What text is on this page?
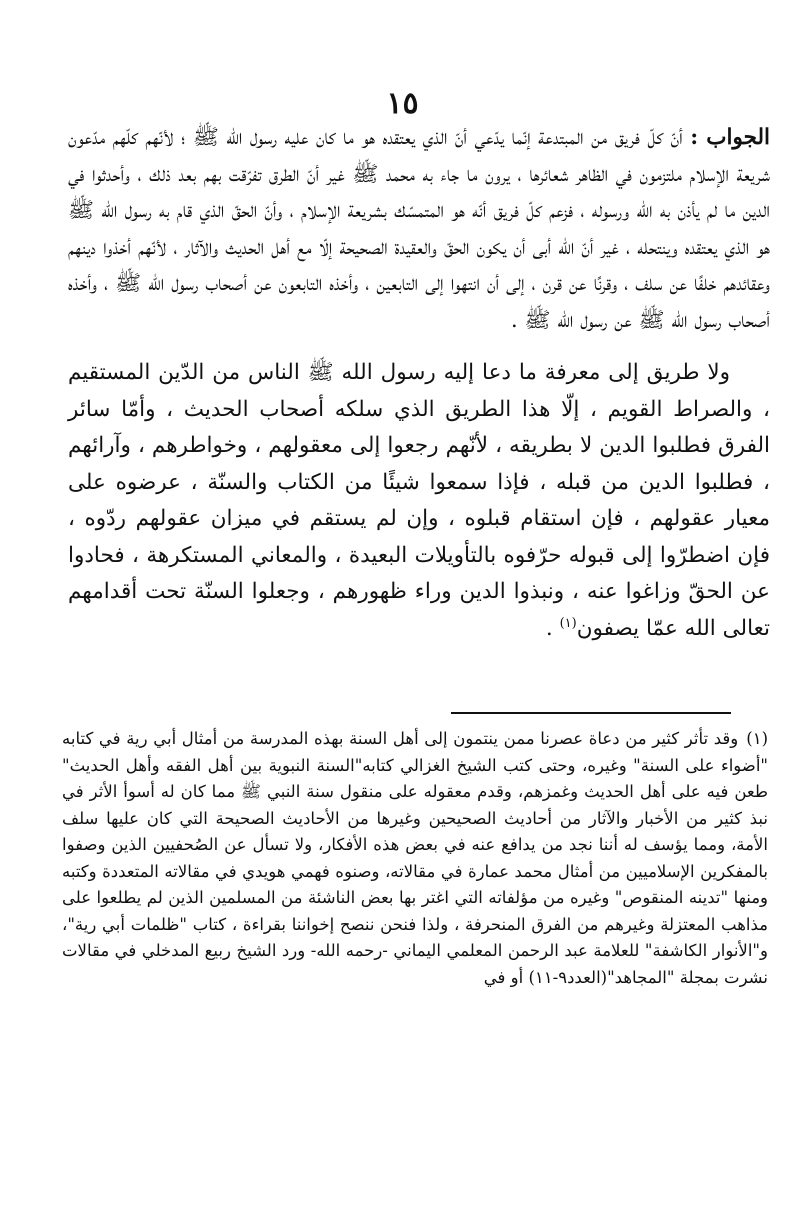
١٥

الجواب : أنّ كلّ فريق من المبتدعة إنّما يدّعي أنّ الذي يعتقده هو ما كان عليه رسول الله ﷺ ؛ لأنّهم كلّهم مدّعون شريعة الإسلام ملتزمون في الظاهر شعائرها ، يرون ما جاء به محمد ﷺ غير أنّ الطرق تفرّقت بهم بعد ذلك ، وأحدثوا في الدين ما لم يأذن به الله ورسوله ، فزعم كلّ فريق أنّه هو المتمسّك بشريعة الإسلام ، وأنّ الحقّ الذي قام به رسول الله ﷺ هو الذي يعتقده وينتحله ، غير أنّ الله أبى أن يكون الحقّ والعقيدة الصحيحة إلّا مع أهل الحديث والآثار ، لأنّهم أخذوا دينهم وعقائدهم خلفًا عن سلف ، وقرنًا عن قرن ، إلى أن انتهوا إلى التابعين ، وأخذه التابعون عن أصحاب رسول الله ﷺ ، وأخذه أصحاب رسول الله ﷺ عن رسول الله ﷺ .

ولا طريق إلى معرفة ما دعا إليه رسول الله ﷺ الناس من الدّين المستقيم ، والصراط القويم ، إلّا هذا الطريق الذي سلكه أصحاب الحديث ، وأمّا سائر الفرق فطلبوا الدين لا بطريقه ، لأنّهم رجعوا إلى معقولهم ، وخواطرهم ، وآرائهم ، فطلبوا الدين من قبله ، فإذا سمعوا شيئًا من الكتاب والسنّة ، عرضوه على معيار عقولهم ، فإن استقام قبلوه ، وإن لم يستقم في ميزان عقولهم ردّوه ، فإن اضطرّوا إلى قبوله حرّفوه بالتأويلات البعيدة ، والمعاني المستكرهة ، فحادوا عن الحقّ وزاغوا عنه ، ونبذوا الدين وراء ظهورهم ، وجعلوا السنّة تحت أقدامهم تعالى الله عمّا يصفون$^{(١)}$ .

(١)وقد تأثر كثير من دعاة عصرنا ممن ينتمون إلى أهل السنة بهذه المدرسة من أمثال أبي رية في كتابه "أضواء على السنة" وغيره، وحتى كتب الشيخ الغزالي كتابه"السنة النبوية بين أهل الفقه وأهل الحديث" طعن فيه على أهل الحديث وغمزهم، وقدم معقوله على منقول سنة النبي ﷺ مما كان له أسوأ الأثر في نبذ كثير من الأخبار والآثار من أحاديث الصحيحين وغيرها من الأحاديث الصحيحة التي كان عليها سلف الأمة، ومما يؤسف له أننا نجد من يدافع عنه في بعض هذه الأفكار، ولا تسأل عن الصُحفيين الذين وصفوا بالمفكرين الإسلاميين من أمثال محمد عمارة في مقالاته، وصنوه فهمي هويدي في مقالاته المتعددة وكتبه ومنها "تدينه المنقوص" وغيره من مؤلفاته التي اغتر بها بعض الناشئة من المسلمين الذين لم يطلعوا على مذاهب المعتزلة وغيرهم من الفرق المنحرفة ، ولذا فنحن ننصح إخواننا بقراءة ، كتاب "ظلمات أبي رية"، و"الأنوار الكاشفة" للعلامة عبد الرحمن المعلمي اليماني -رحمه الله- ورد الشيخ ربيع المدخلي في مقالات نشرت بمجلة "المجاهد"(العدد٩-١١) أو في
